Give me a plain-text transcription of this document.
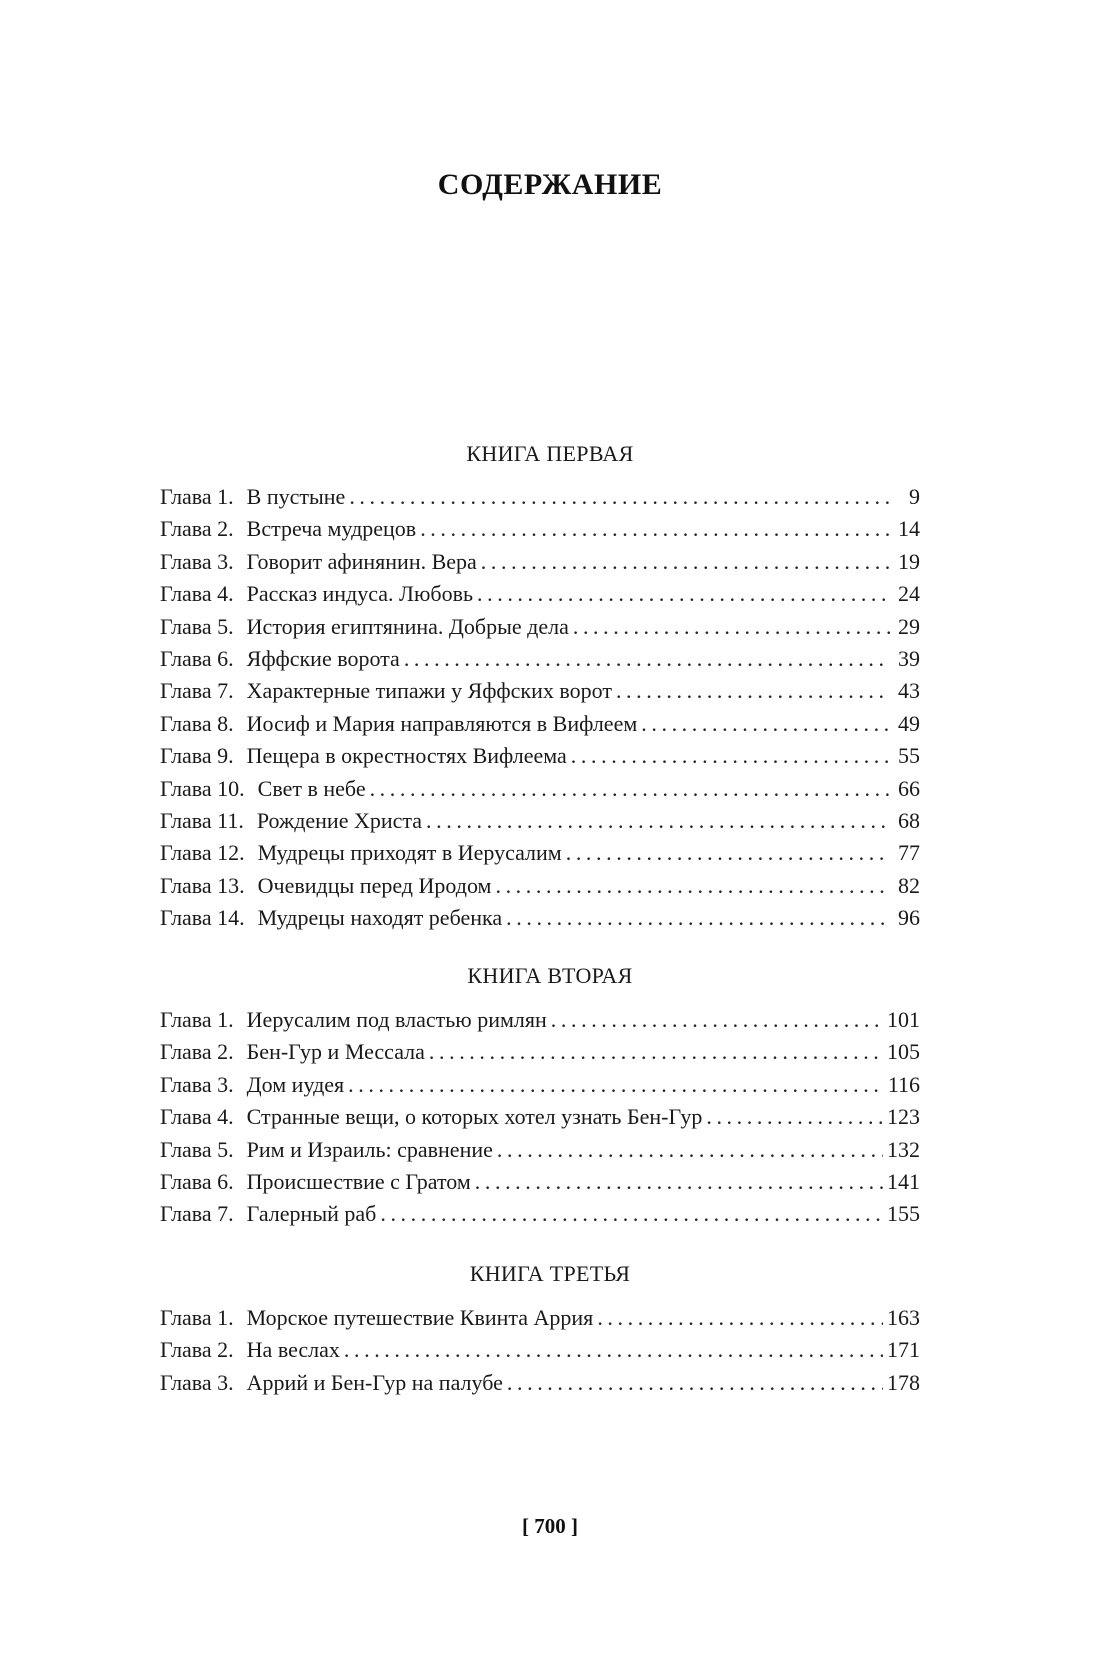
СОДЕРЖАНИЕ
КНИГА ПЕРВАЯ
Глава 1. В пустыне .....	9
Глава 2. Встреча мудрецов .....	14
Глава 3. Говорит афинянин. Вера .....	19
Глава 4. Рассказ индуса. Любовь .....	24
Глава 5. История египтянина. Добрые дела .....	29
Глава 6. Яффские ворота .....	39
Глава 7. Характерные типажи у Яффских ворот .....	43
Глава 8. Иосиф и Мария направляются в Вифлеем .....	49
Глава 9. Пещера в окрестностях Вифлеема .....	55
Глава 10. Свет в небе .....	66
Глава 11. Рождение Христа .....	68
Глава 12. Мудрецы приходят в Иерусалим .....	77
Глава 13. Очевидцы перед Иродом .....	82
Глава 14. Мудрецы находят ребенка .....	96
КНИГА ВТОРАЯ
Глава 1. Иерусалим под властью римлян .....	101
Глава 2. Бен-Гур и Мессала .....	105
Глава 3. Дом иудея .....	116
Глава 4. Странные вещи, о которых хотел узнать Бен-Гур .....	123
Глава 5. Рим и Израиль: сравнение .....	132
Глава 6. Происшествие с Гратом .....	141
Глава 7. Галерный раб .....	155
КНИГА ТРЕТЬЯ
Глава 1. Морское путешествие Квинта Аррия .....	163
Глава 2. На веслах .....	171
Глава 3. Аррий и Бен-Гур на палубе .....	178
[ 700 ]
